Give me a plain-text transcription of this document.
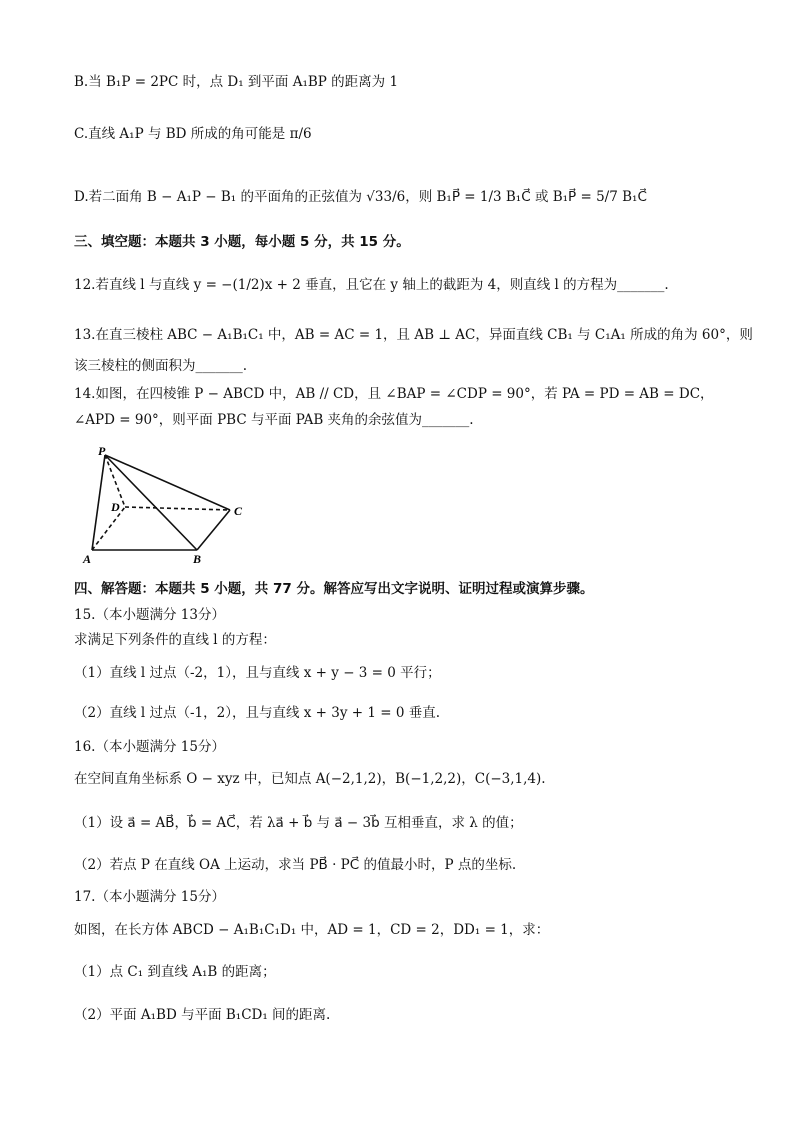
B.当 B₁P = 2PC 时，点 D₁ 到平面 A₁BP 的距离为 1
C.直线 A₁P 与 BD 所成的角可能是 π/6
D.若二面角 B − A₁P − B₁ 的平面角的正弦值为 √33/6，则 B₁P⃗ = 1/3 B₁C⃗ 或 B₁P⃗ = 5/7 B₁C⃗
三、填空题：本题共 3 小题，每小题 5 分，共 15 分。
12.若直线 l 与直线 y = −(1/2)x + 2 垂直，且它在 y 轴上的截距为 4，则直线 l 的方程为_______.
13.在直三棱柱 ABC − A₁B₁C₁ 中，AB = AC = 1，且 AB ⊥ AC，异面直线 CB₁ 与 C₁A₁ 所成的角为 60°，则
该三棱柱的侧面积为_______.
14.如图，在四棱锥 P − ABCD 中，AB // CD，且 ∠BAP = ∠CDP = 90°，若 PA = PD = AB = DC，
∠APD = 90°，则平面 PBC 与平面 PAB 夹角的余弦值为_______.
P
D	C
A	B
四、解答题：本题共 5 小题，共 77 分。解答应写出文字说明、证明过程或演算步骤。
15.（本小题满分 13分）
求满足下列条件的直线 l 的方程：
（1）直线 l 过点（-2，1），且与直线 x + y − 3 = 0 平行；
（2）直线 l 过点（-1，2），且与直线 x + 3y + 1 = 0 垂直.
16.（本小题满分 15分）
在空间直角坐标系 O − xyz 中，已知点 A(−2,1,2)，B(−1,2,2)，C(−3,1,4).
（1）设 a⃗ = AB⃗，b⃗ = AC⃗，若 λa⃗ + b⃗ 与 a⃗ − 3b⃗ 互相垂直，求 λ 的值；
（2）若点 P 在直线 OA 上运动，求当 PB⃗ · PC⃗ 的值最小时，P 点的坐标.
17.（本小题满分 15分）
如图，在长方体 ABCD − A₁B₁C₁D₁ 中，AD = 1，CD = 2，DD₁ = 1，求：
（1）点 C₁ 到直线 A₁B 的距离；
（2）平面 A₁BD 与平面 B₁CD₁ 间的距离.
